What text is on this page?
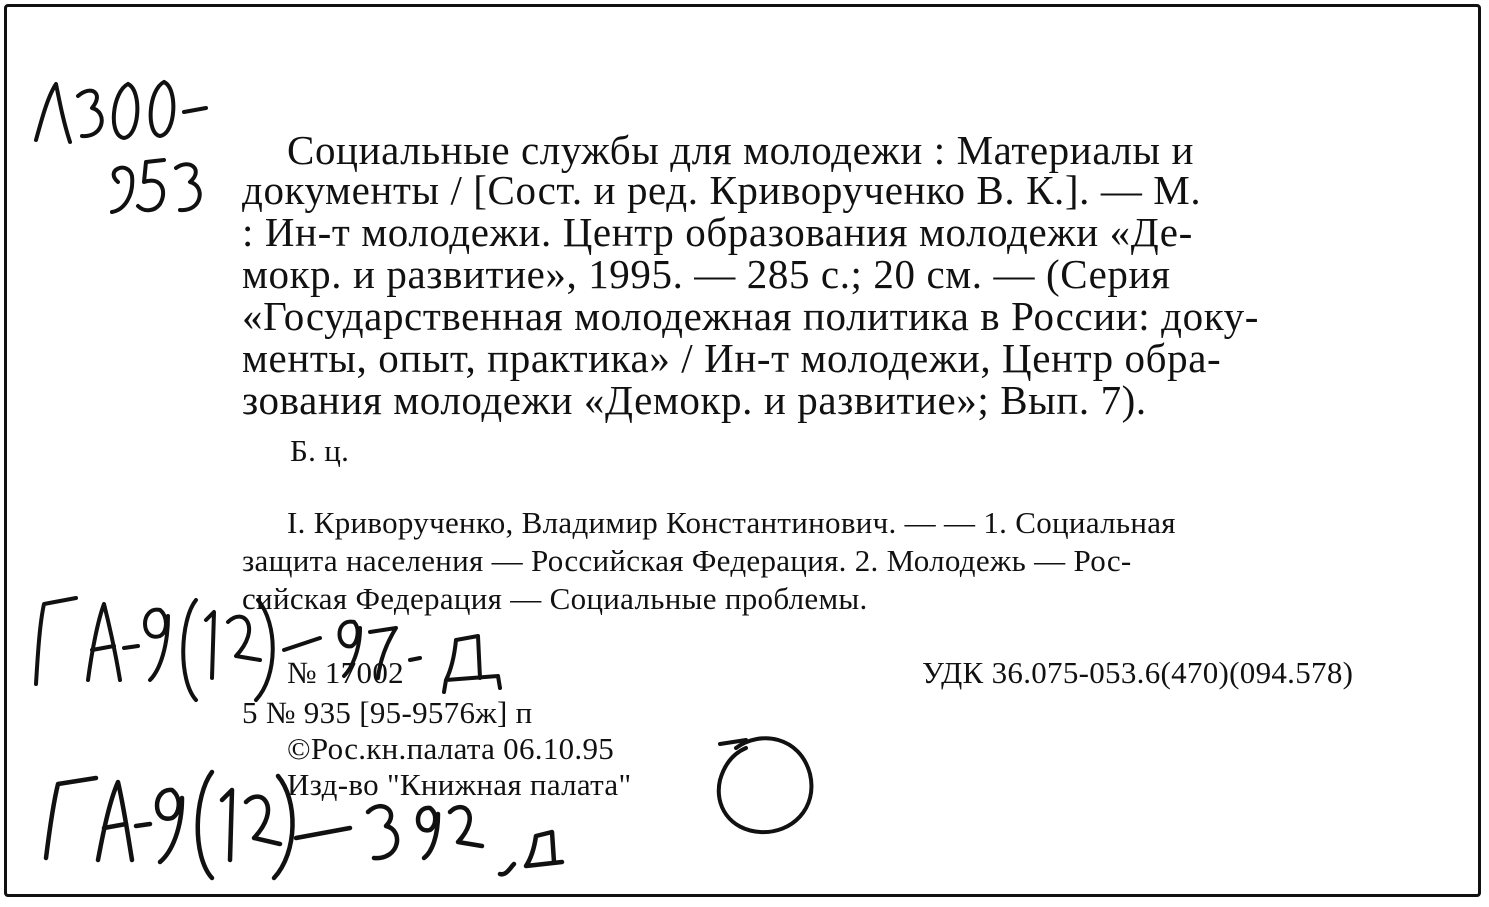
Социальные службы для молодежи : Материалы и
документы / [Сост. и ред. Криворученко В. К.]. — М.
: Ин-т молодежи. Центр образования молодежи «Де-
мокр. и развитие», 1995. — 285 с.; 20 см. — (Серия
«Государственная молодежная политика в России: доку-
менты, опыт, практика» / Ин-т молодежи, Центр обра-
зования молодежи «Демокр. и развитие»; Вып. 7).
Б. ц.
I. Криворученко, Владимир Константинович. — — 1. Социальная
защита населения — Российская Федерация. 2. Молодежь — Рос-
сийская Федерация — Социальные проблемы.
№ 17002	УДК 36.075-053.6(470)(094.578)
5 № 935 [95-9576ж] п
©Рос.кн.палата 06.10.95
Изд-во "Книжная палата"
